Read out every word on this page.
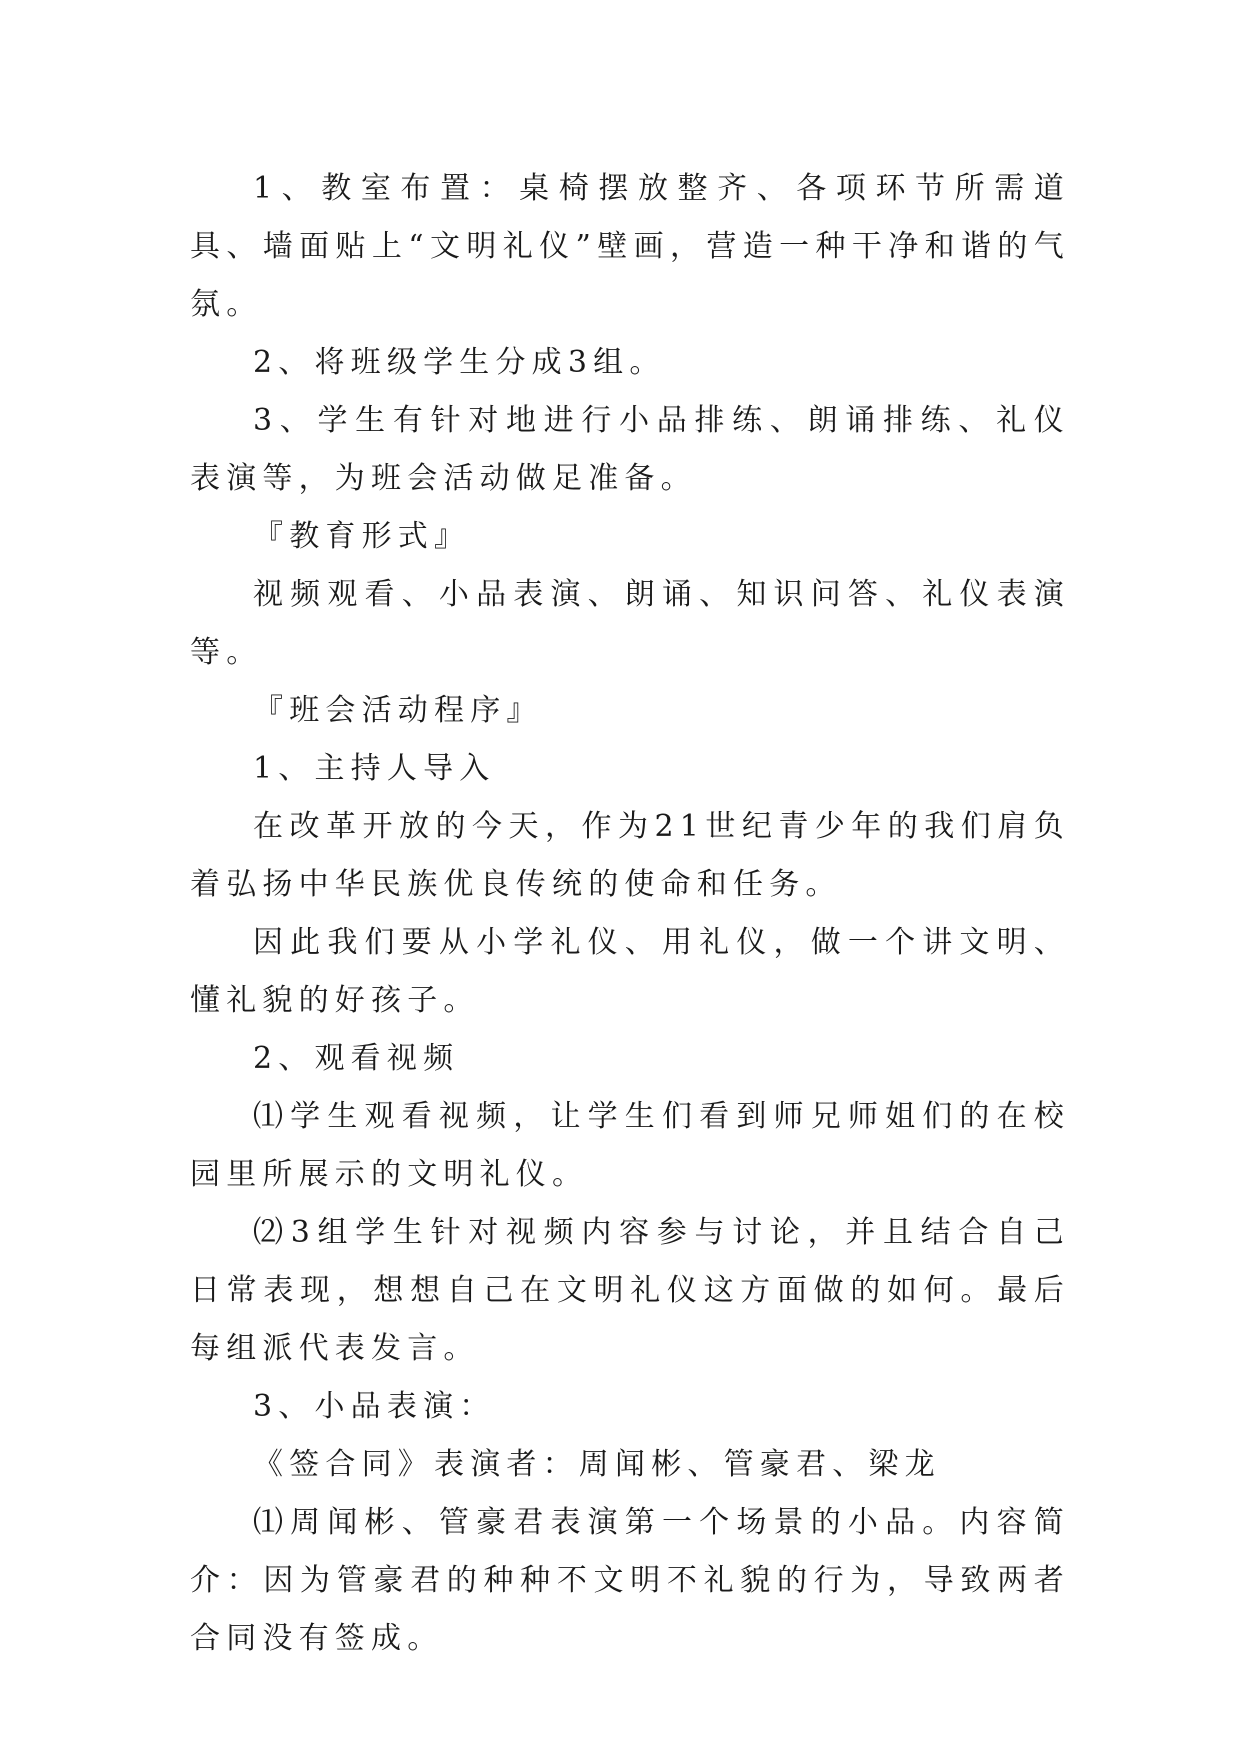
1、教室布置：桌椅摆放整齐、各项环节所需道具、墙面贴上“文明礼仪”壁画，营造一种干净和谐的气氛。

2、将班级学生分成3组。

3、学生有针对地进行小品排练、朗诵排练、礼仪表演等，为班会活动做足准备。

『教育形式』

视频观看、小品表演、朗诵、知识问答、礼仪表演等。

『班会活动程序』

1、主持人导入

在改革开放的今天，作为21世纪青少年的我们肩负着弘扬中华民族优良传统的使命和任务。

因此我们要从小学礼仪、用礼仪，做一个讲文明、懂礼貌的好孩子。

2、观看视频

⑴学生观看视频，让学生们看到师兄师姐们的在校园里所展示的文明礼仪。

⑵3组学生针对视频内容参与讨论，并且结合自己日常表现，想想自己在文明礼仪这方面做的如何。最后每组派代表发言。

3、小品表演：

《签合同》表演者：周闻彬、管豪君、梁龙

⑴周闻彬、管豪君表演第一个场景的小品。内容简介：因为管豪君的种种不文明不礼貌的行为，导致两者合同没有签成。
